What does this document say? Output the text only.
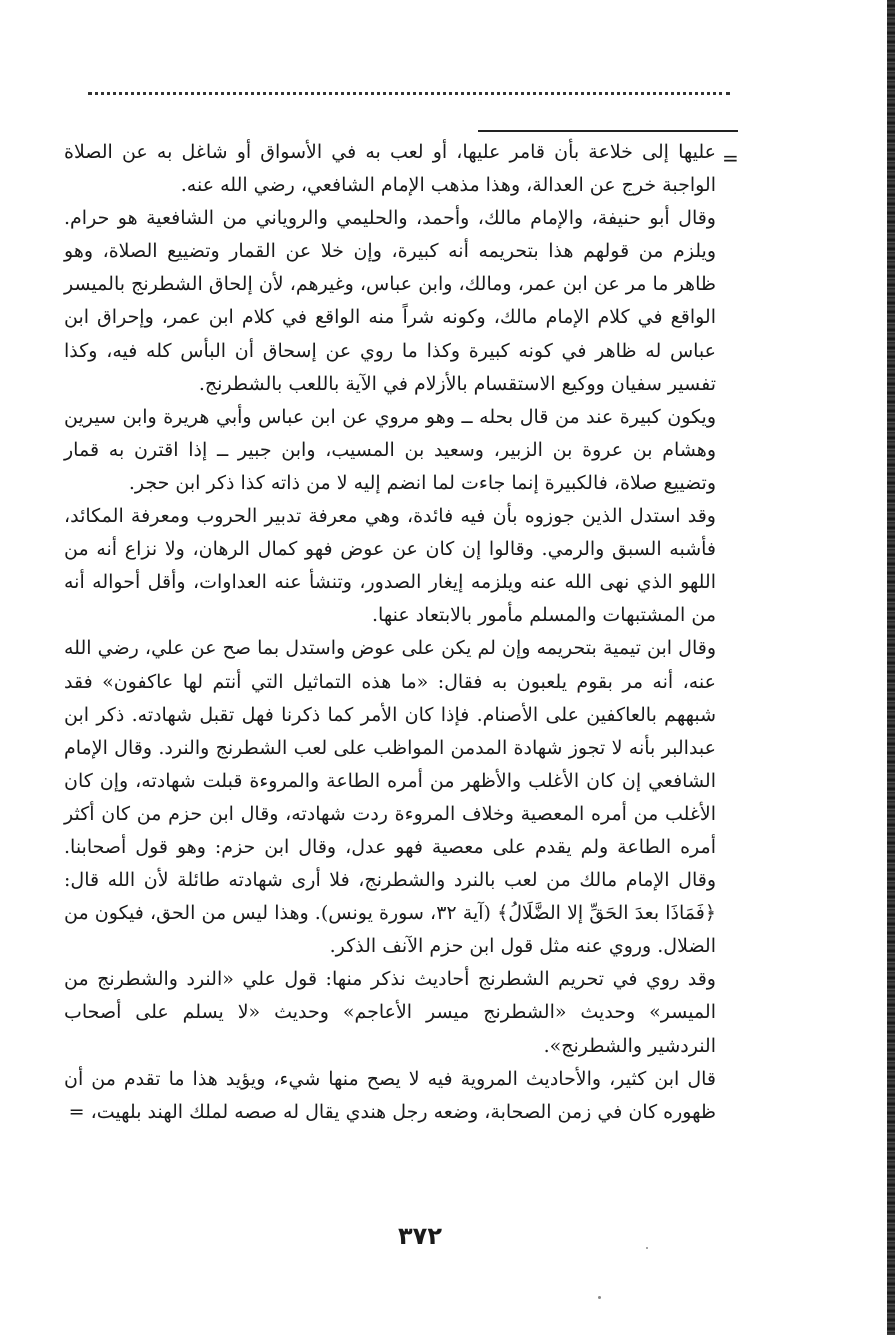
=

عليها إلى خلاعة بأن قامر عليها، أو لعب به في الأسواق أو شاغل به عن الصلاة الواجبة خرج عن العدالة، وهذا مذهب الإمام الشافعي، رضي الله عنه.

وقال أبو حنيفة، والإمام مالك، وأحمد، والحليمي والروياني من الشافعية هو حرام. ويلزم من قولهم هذا بتحريمه أنه كبيرة، وإن خلا عن القمار وتضييع الصلاة، وهو ظاهر ما مر عن ابن عمر، ومالك، وابن عباس، وغيرهم، لأن إلحاق الشطرنج بالميسر الواقع في كلام الإمام مالك، وكونه شراً منه الواقع في كلام ابن عمر، وإحراق ابن عباس له ظاهر في كونه كبيرة وكذا ما روي عن إسحاق أن البأس كله فيه، وكذا تفسير سفيان ووكيع الاستقسام بالأزلام في الآية باللعب بالشطرنج.

ويكون كبيرة عند من قال بحله ــ وهو مروي عن ابن عباس وأبي هريرة وابن سيرين وهشام بن عروة بن الزبير، وسعيد بن المسيب، وابن جبير ــ إذا اقترن به قمار وتضييع صلاة، فالكبيرة إنما جاءت لما انضم إليه لا من ذاته كذا ذكر ابن حجر.

وقد استدل الذين جوزوه بأن فيه فائدة، وهي معرفة تدبير الحروب ومعرفة المكائد، فأشبه السبق والرمي. وقالوا إن كان عن عوض فهو كمال الرهان، ولا نزاع أنه من اللهو الذي نهى الله عنه ويلزمه إيغار الصدور، وتنشأ عنه العداوات، وأقل أحواله أنه من المشتبهات والمسلم مأمور بالابتعاد عنها.

وقال ابن تيمية بتحريمه وإن لم يكن على عوض واستدل بما صح عن علي، رضي الله عنه، أنه مر بقوم يلعبون به فقال: «ما هذه التماثيل التي أنتم لها عاكفون» فقد شبههم بالعاكفين على الأصنام. فإذا كان الأمر كما ذكرنا فهل تقبل شهادته. ذكر ابن عبدالبر بأنه لا تجوز شهادة المدمن المواظب على لعب الشطرنج والنرد. وقال الإمام الشافعي إن كان الأغلب والأظهر من أمره الطاعة والمروءة قبلت شهادته، وإن كان الأغلب من أمره المعصية وخلاف المروءة ردت شهادته، وقال ابن حزم من كان أكثر أمره الطاعة ولم يقدم على معصية فهو عدل، وقال ابن حزم: وهو قول أصحابنا. وقال الإمام مالك من لعب بالنرد والشطرنج، فلا أرى شهادته طائلة لأن الله قال: ﴿فَمَاذَا بعدَ الحَقِّ إلا الضَّلَالُ﴾ (آية ٣٢، سورة يونس). وهذا ليس من الحق، فيكون من الضلال. وروي عنه مثل قول ابن حزم الآنف الذكر.

وقد روي في تحريم الشطرنج أحاديث نذكر منها: قول علي «النرد والشطرنج من الميسر» وحديث «الشطرنج ميسر الأعاجم» وحديث «لا يسلم على أصحاب النردشير والشطرنج».

قال ابن كثير، والأحاديث المروية فيه لا يصح منها شيء، ويؤيد هذا ما تقدم من أن ظهوره كان في زمن الصحابة، وضعه رجل هندي يقال له صصه لملك الهند بلهيت، =

٣٧٢
